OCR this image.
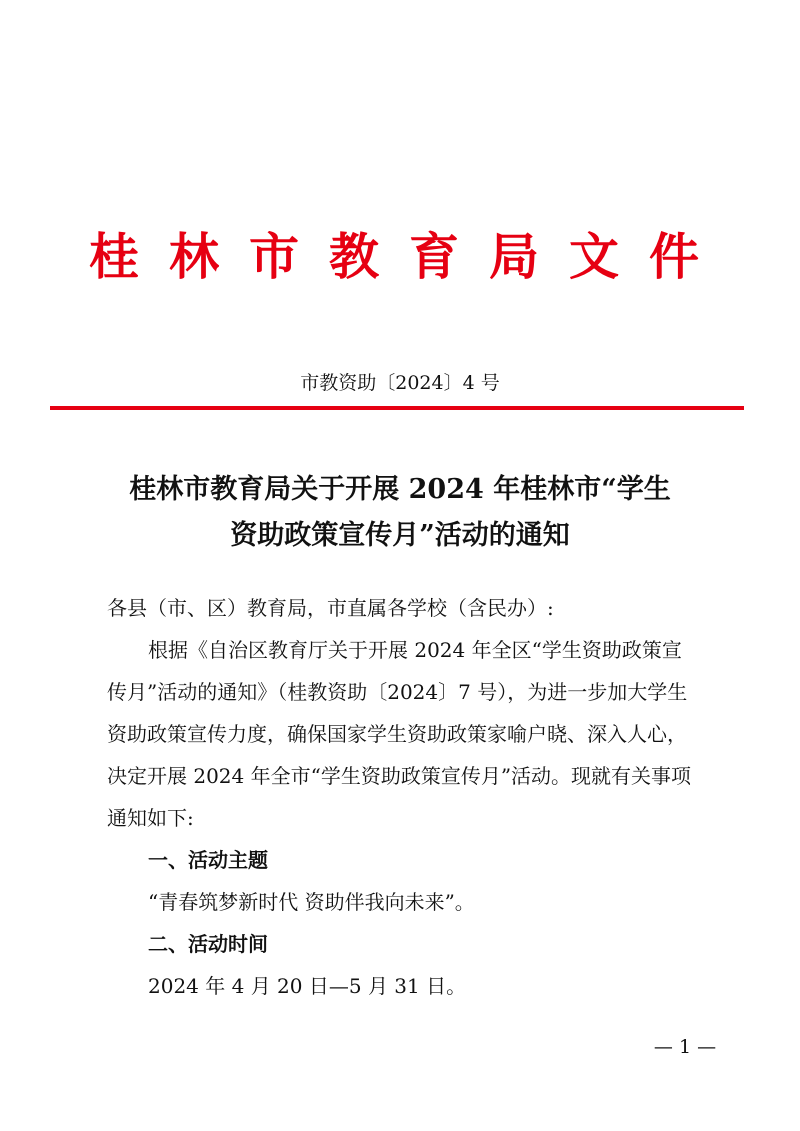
桂林市教育局文件
市教资助〔2024〕4 号
桂林市教育局关于开展 2024 年桂林市“学生
资助政策宣传月”活动的通知
各县（市、区）教育局，市直属各学校（含民办）:
根据《自治区教育厅关于开展 2024 年全区“学生资助政策宣
传月”活动的通知》（桂教资助〔2024〕7 号），为进一步加大学生
资助政策宣传力度，确保国家学生资助政策家喻户晓、深入人心，
决定开展 2024 年全市“学生资助政策宣传月”活动。现就有关事项
通知如下:
一、活动主题
“青春筑梦新时代 资助伴我向未来”。
二、活动时间
2024 年 4 月 20 日—5 月 31 日。
— 1 —
